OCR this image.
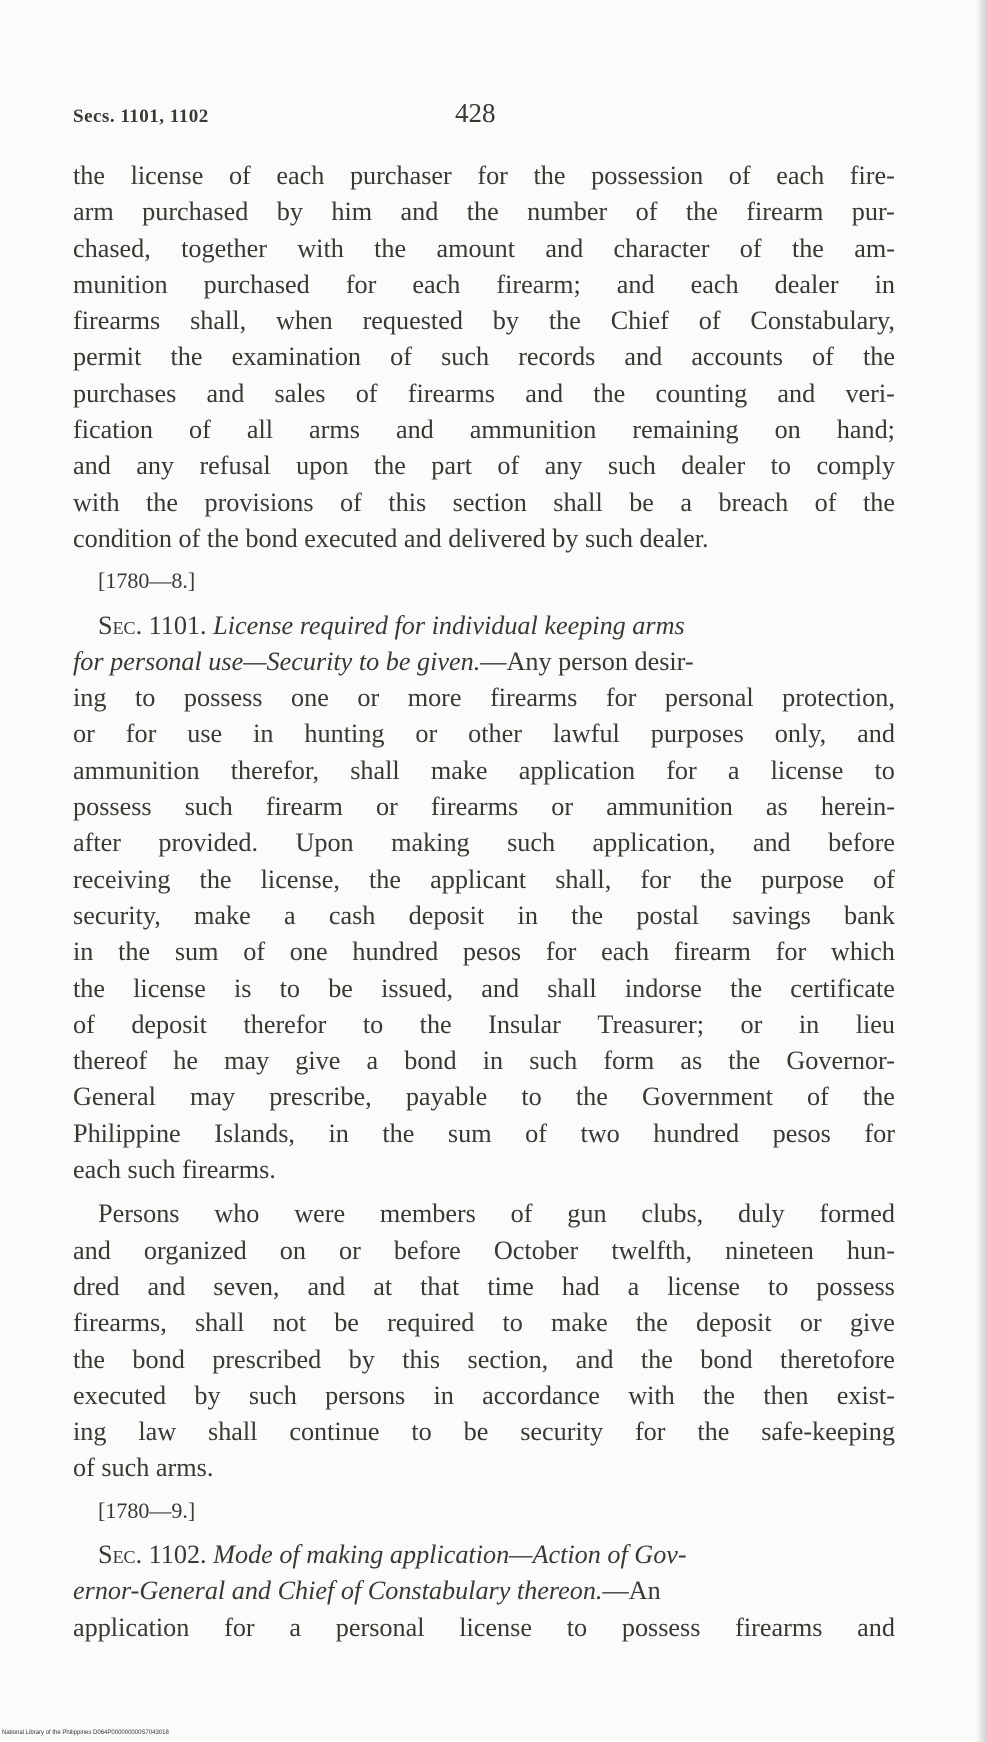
Secs. 1101, 1102	428
the license of each purchaser for the possession of each fire-
arm purchased by him and the number of the firearm pur-
chased, together with the amount and character of the am-
munition purchased for each firearm; and each dealer in
firearms shall, when requested by the Chief of Constabulary,
permit the examination of such records and accounts of the
purchases and sales of firearms and the counting and veri-
fication of all arms and ammunition remaining on hand;
and any refusal upon the part of any such dealer to comply
with the provisions of this section shall be a breach of the
condition of the bond executed and delivered by such dealer.
[1780—8.]
Sec. 1101. License required for individual keeping arms
for personal use—Security to be given.—Any person desir-
ing to possess one or more firearms for personal protection,
or for use in hunting or other lawful purposes only, and
ammunition therefor, shall make application for a license to
possess such firearm or firearms or ammunition as herein-
after provided. Upon making such application, and before
receiving the license, the applicant shall, for the purpose of
security, make a cash deposit in the postal savings bank
in the sum of one hundred pesos for each firearm for which
the license is to be issued, and shall indorse the certificate
of deposit therefor to the Insular Treasurer; or in lieu
thereof he may give a bond in such form as the Governor-
General may prescribe, payable to the Government of the
Philippine Islands, in the sum of two hundred pesos for
each such firearms.
Persons who were members of gun clubs, duly formed
and organized on or before October twelfth, nineteen hun-
dred and seven, and at that time had a license to possess
firearms, shall not be required to make the deposit or give
the bond prescribed by this section, and the bond theretofore
executed by such persons in accordance with the then exist-
ing law shall continue to be security for the safe-keeping
of such arms.
[1780—9.]
Sec. 1102. Mode of making application—Action of Gov-
ernor-General and Chief of Constabulary thereon.—An
application for a personal license to possess firearms and
National Library of the Philippines D064P000000000S7043018
